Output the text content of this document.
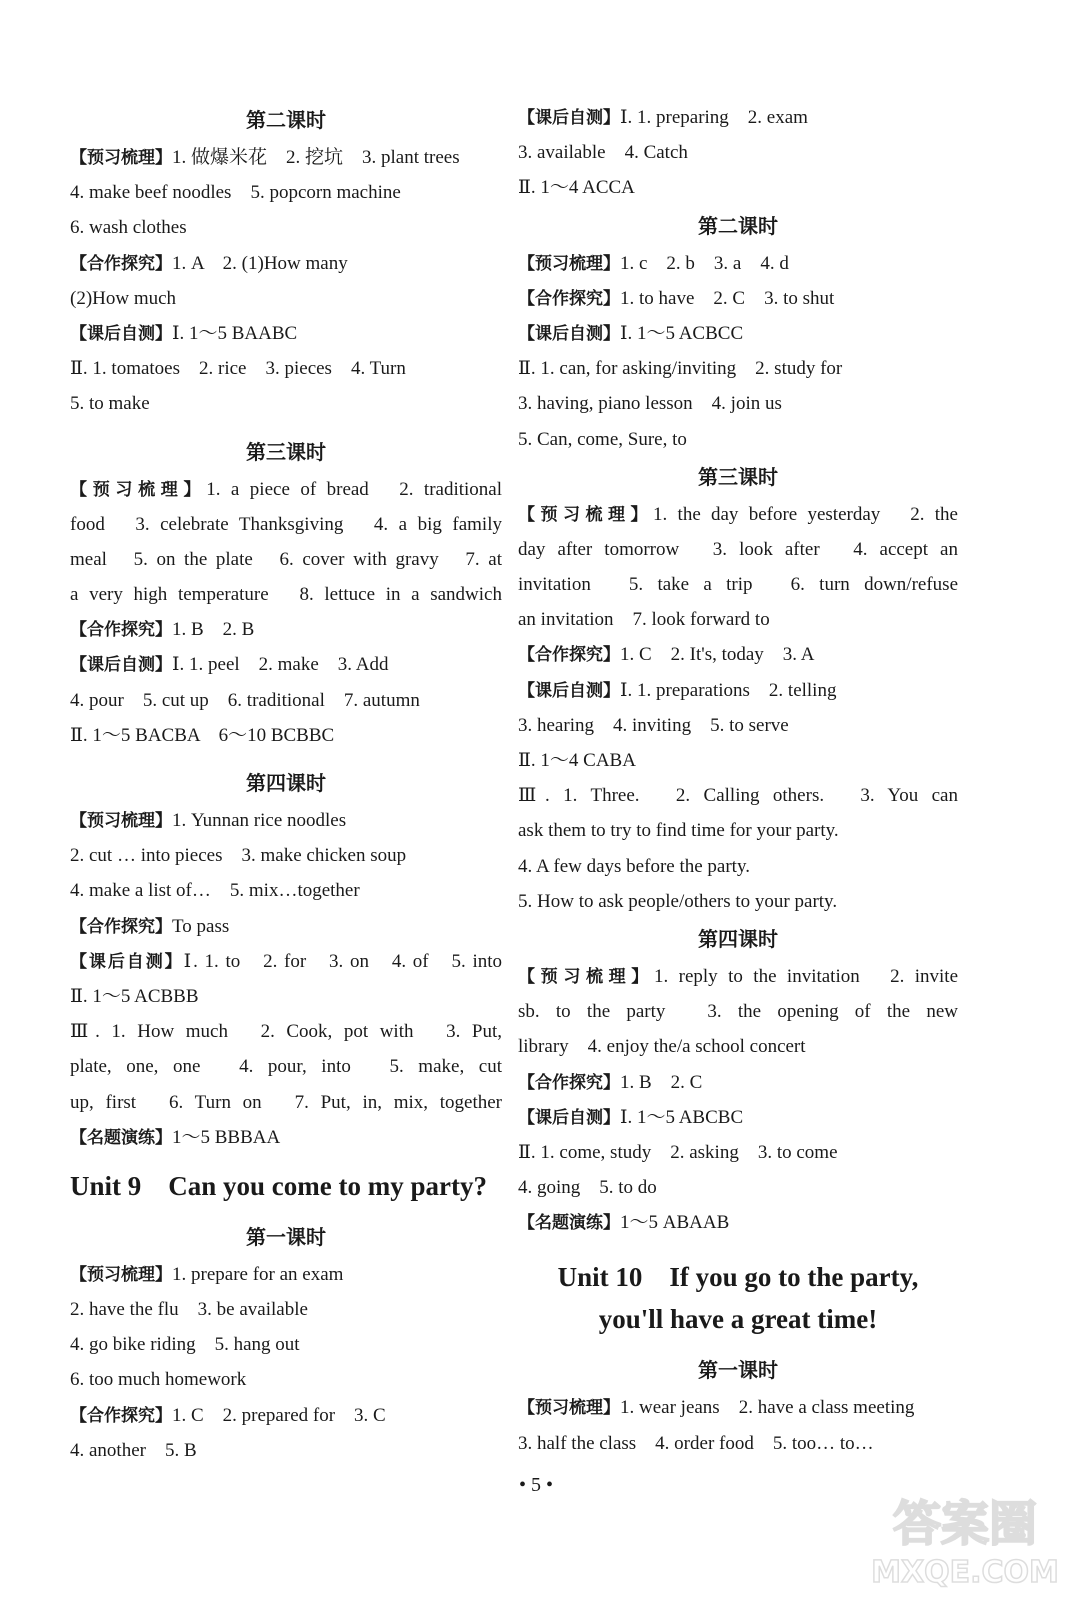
第二课时
【预习梳理】1. 做爆米花　2. 挖坑　3. plant trees
4. make beef noodles　5. popcorn machine
6. wash clothes
【合作探究】1. A　2. (1)How many
(2)How much
【课后自测】Ⅰ. 1～5 BAABC
Ⅱ. 1. tomatoes　2. rice　3. pieces　4. Turn
5. to make
第三课时
【预习梳理】1. a piece of bread　2. traditional
food　3. celebrate Thanksgiving　4. a big family
meal　5. on the plate　6. cover with gravy　7. at
a very high temperature　8. lettuce in a sandwich
【合作探究】1. B　2. B
【课后自测】Ⅰ. 1. peel　2. make　3. Add
4. pour　5. cut up　6. traditional　7. autumn
Ⅱ. 1～5 BACBA　6～10 BCBBC
第四课时
【预习梳理】1. Yunnan rice noodles
2. cut … into pieces　3. make chicken soup
4. make a list of…　5. mix…together
【合作探究】To pass
【课后自测】Ⅰ. 1. to　2. for　3. on　4. of　5. into
Ⅱ. 1～5 ACBBB
Ⅲ. 1. How much　2. Cook, pot with　3. Put,
plate, one, one　4. pour, into　5. make, cut
up, first　6. Turn on　7. Put, in, mix, together
【名题演练】1～5 BBBAA
Unit 9　Can you come to my party?
第一课时
【预习梳理】1. prepare for an exam
2. have the flu　3. be available
4. go bike riding　5. hang out
6. too much homework
【合作探究】1. C　2. prepared for　3. C
4. another　5. B
【课后自测】Ⅰ. 1. preparing　2. exam
3. available　4. Catch
Ⅱ. 1～4 ACCA
第二课时
【预习梳理】1. c　2. b　3. a　4. d
【合作探究】1. to have　2. C　3. to shut
【课后自测】Ⅰ. 1～5 ACBCC
Ⅱ. 1. can, for asking/inviting　2. study for
3. having, piano lesson　4. join us
5. Can, come, Sure, to
第三课时
【预习梳理】1. the day before yesterday　2. the
day after tomorrow　3. look after　4. accept an
invitation　5. take a trip　6. turn down/refuse
an invitation　7. look forward to
【合作探究】1. C　2. It's, today　3. A
【课后自测】Ⅰ. 1. preparations　2. telling
3. hearing　4. inviting　5. to serve
Ⅱ. 1～4 CABA
Ⅲ. 1. Three.　2. Calling others.　3. You can
ask them to try to find time for your party.
4. A few days before the party.
5. How to ask people/others to your party.
第四课时
【预习梳理】1. reply to the invitation　2. invite
sb. to the party　3. the opening of the new
library　4. enjoy the/a school concert
【合作探究】1. B　2. C
【课后自测】Ⅰ. 1～5 ABCBC
Ⅱ. 1. come, study　2. asking　3. to come
4. going　5. to do
【名题演练】1～5 ABAAB
Unit 10　If you go to the party,
you'll have a great time!
第一课时
【预习梳理】1. wear jeans　2. have a class meeting
3. half the class　4. order food　5. too… to…
• 5 •
答案圈
MXQE.COM
